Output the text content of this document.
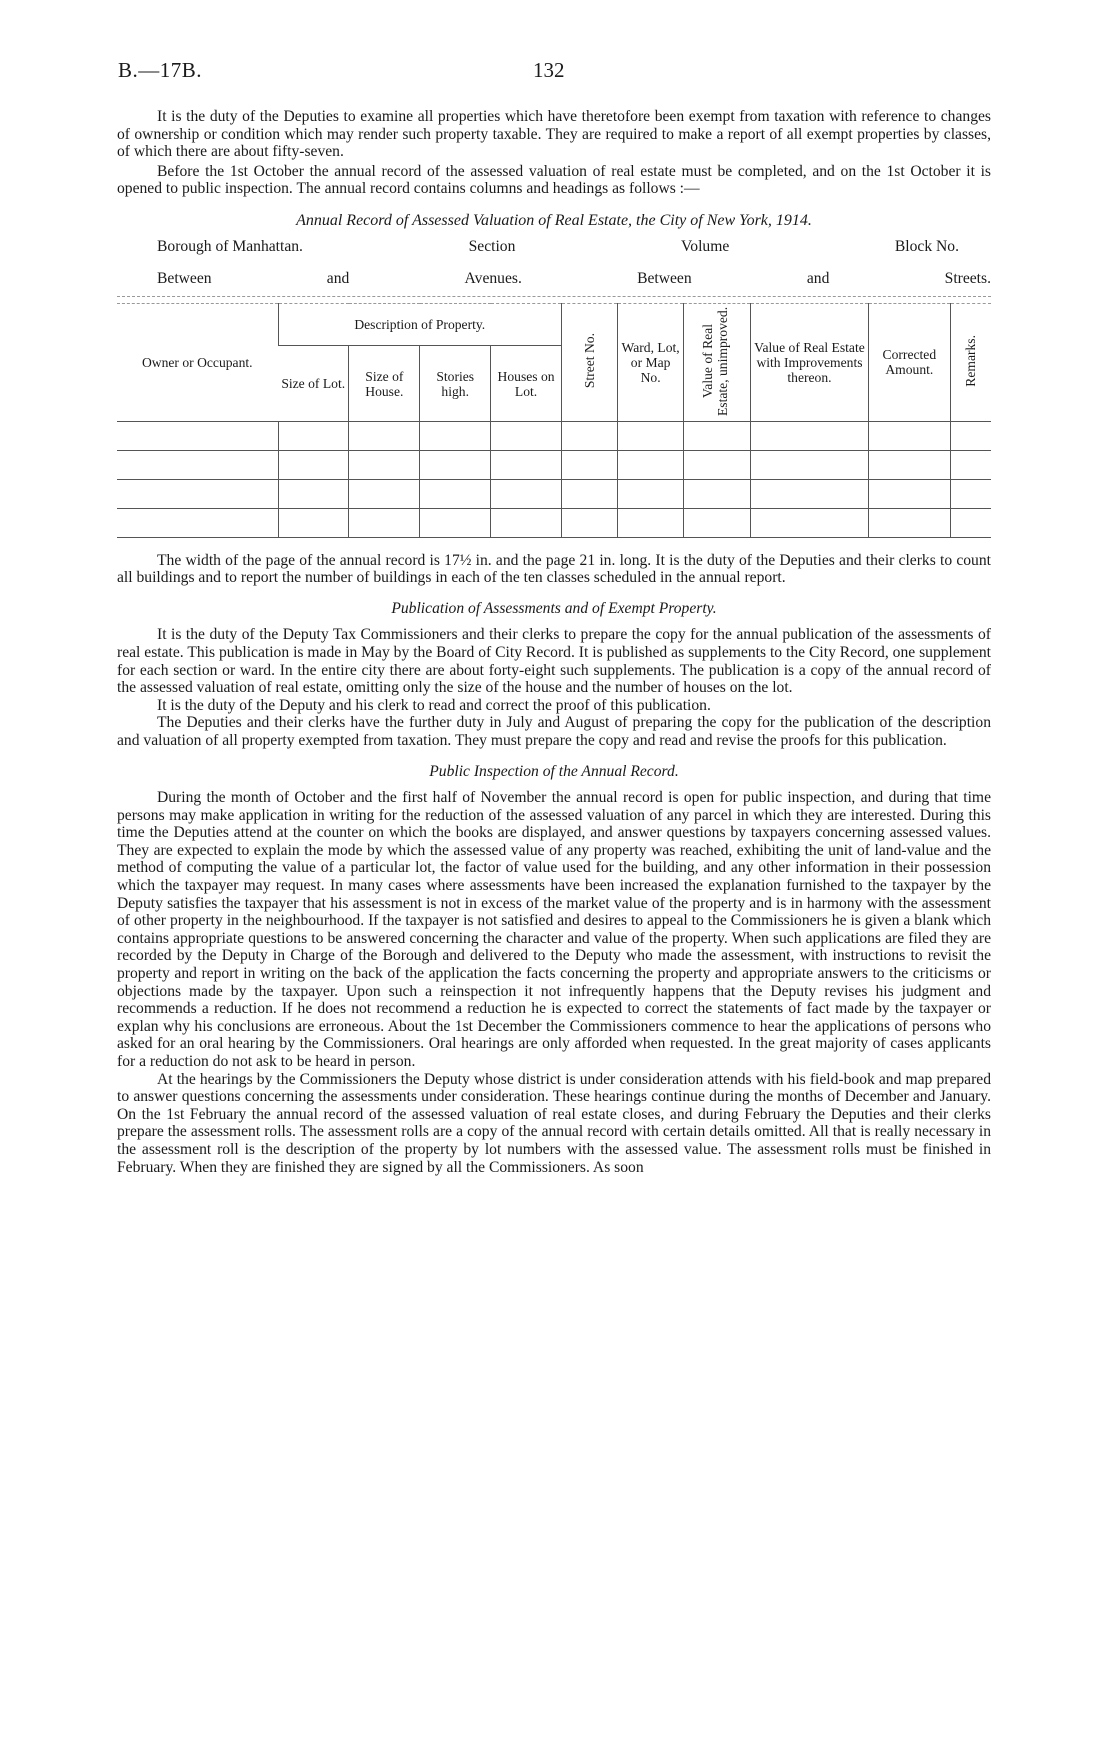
B.—17B.	132

It is the duty of the Deputies to examine all properties which have theretofore been exempt from taxation with reference to changes of ownership or condition which may render such property taxable. They are required to make a report of all exempt properties by classes, of which there are about fifty-seven.

Before the 1st October the annual record of the assessed valuation of real estate must be completed, and on the 1st October it is opened to public inspection. The annual record contains columns and headings as follows :—

Annual Record of Assessed Valuation of Real Estate, the City of New York, 1914.
Borough of Manhattan.	Section	Volume	Block No.
Between	and	Avenues.	Between	and	Streets.
Owner or Occupant.	Description of Property.				Street No.	Ward, Lot, or Map No.	Value of Real Estate, unimproved.	Value of Real Estate with Improvements thereon.	Corrected Amount.	Remarks.
	Size of Lot.	Size of House.	Stories high.	Houses on Lot.						

The width of the page of the annual record is 17½ in. and the page 21 in. long. It is the duty of the Deputies and their clerks to count all buildings and to report the number of buildings in each of the ten classes scheduled in the annual report.

Publication of Assessments and of Exempt Property.

It is the duty of the Deputy Tax Commissioners and their clerks to prepare the copy for the annual publication of the assessments of real estate. This publication is made in May by the Board of City Record. It is published as supplements to the City Record, one supplement for each section or ward. In the entire city there are about forty-eight such supplements. The publication is a copy of the annual record of the assessed valuation of real estate, omitting only the size of the house and the number of houses on the lot.

It is the duty of the Deputy and his clerk to read and correct the proof of this publication.

The Deputies and their clerks have the further duty in July and August of preparing the copy for the publication of the description and valuation of all property exempted from taxation. They must prepare the copy and read and revise the proofs for this publication.

Public Inspection of the Annual Record.

During the month of October and the first half of November the annual record is open for public inspection, and during that time persons may make application in writing for the reduction of the assessed valuation of any parcel in which they are interested. During this time the Deputies attend at the counter on which the books are displayed, and answer questions by taxpayers concerning assessed values. They are expected to explain the mode by which the assessed value of any property was reached, exhibiting the unit of land-value and the method of computing the value of a particular lot, the factor of value used for the building, and any other information in their possession which the taxpayer may request. In many cases where assessments have been increased the explanation furnished to the taxpayer by the Deputy satisfies the taxpayer that his assessment is not in excess of the market value of the property and is in harmony with the assessment of other property in the neighbourhood. If the taxpayer is not satisfied and desires to appeal to the Commissioners he is given a blank which contains appropriate questions to be answered concerning the character and value of the property. When such applications are filed they are recorded by the Deputy in Charge of the Borough and delivered to the Deputy who made the assessment, with instructions to revisit the property and report in writing on the back of the application the facts concerning the property and appropriate answers to the criticisms or objections made by the taxpayer. Upon such a reinspection it not infrequently happens that the Deputy revises his judgment and recommends a reduction. If he does not recommend a reduction he is expected to correct the statements of fact made by the taxpayer or explan why his conclusions are erroneous. About the 1st December the Commissioners commence to hear the applications of persons who asked for an oral hearing by the Commissioners. Oral hearings are only afforded when requested. In the great majority of cases applicants for a reduction do not ask to be heard in person.

At the hearings by the Commissioners the Deputy whose district is under consideration attends with his field-book and map prepared to answer questions concerning the assessments under consideration. These hearings continue during the months of December and January. On the 1st February the annual record of the assessed valuation of real estate closes, and during February the Deputies and their clerks prepare the assessment rolls. The assessment rolls are a copy of the annual record with certain details omitted. All that is really necessary in the assessment roll is the description of the property by lot numbers with the assessed value. The assessment rolls must be finished in February. When they are finished they are signed by all the Commissioners. As soon
